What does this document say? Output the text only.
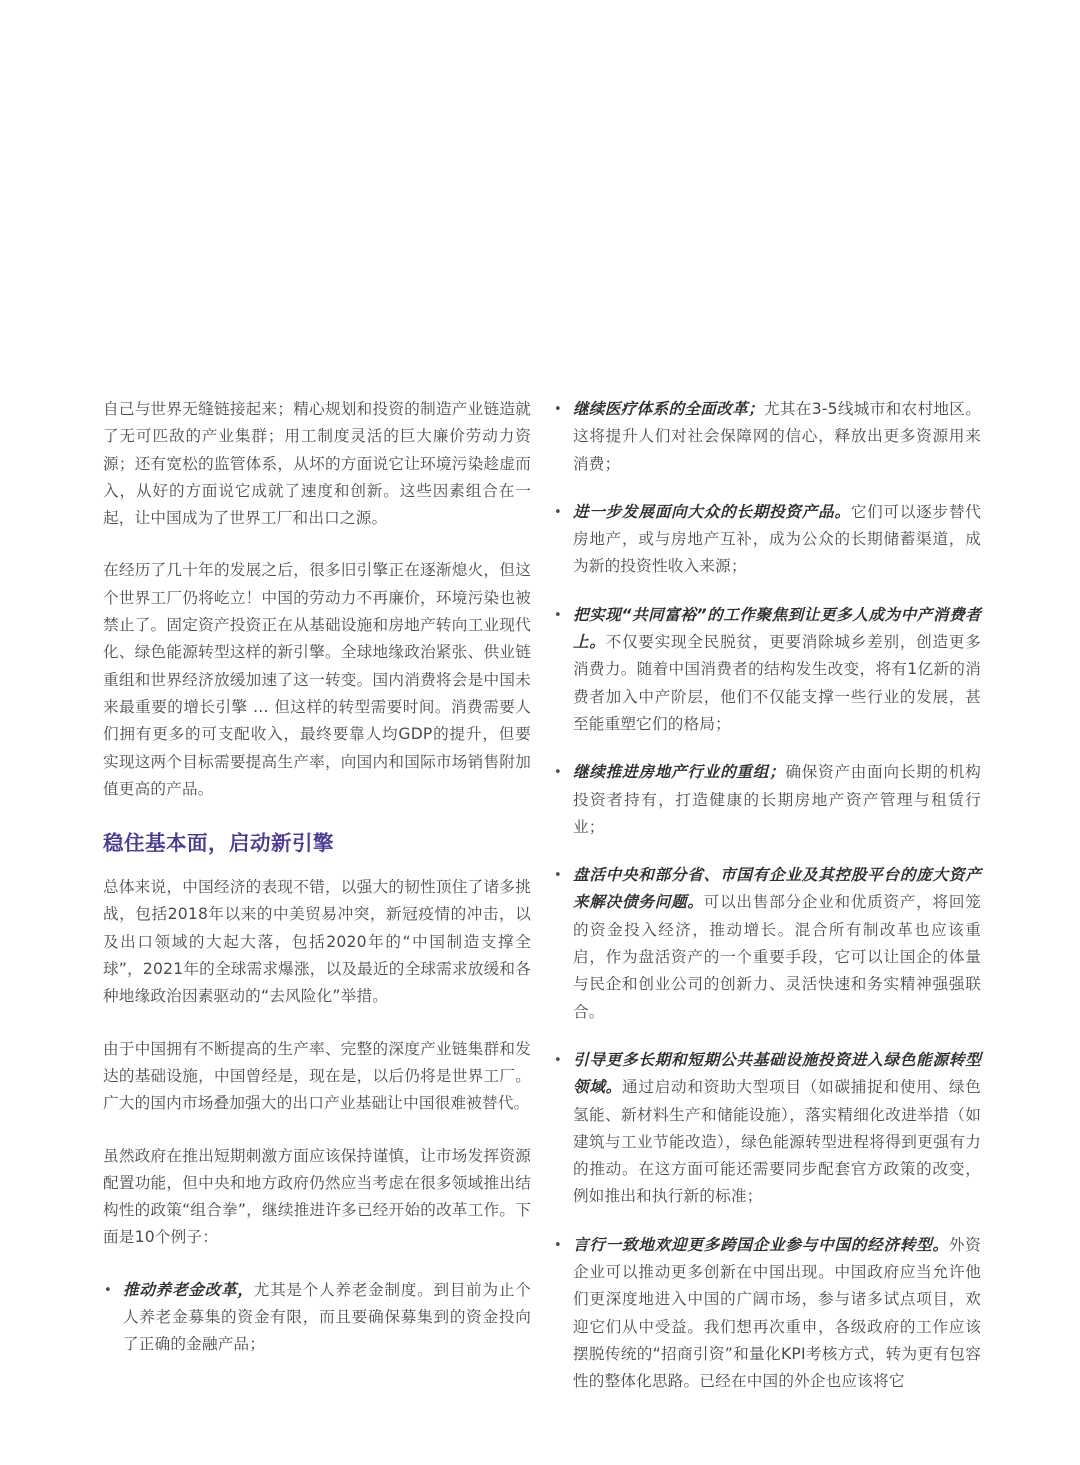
自己与世界无缝链接起来；精心规划和投资的制造产业链造就了无可匹敌的产业集群；用工制度灵活的巨大廉价劳动力资源；还有宽松的监管体系，从坏的方面说它让环境污染趁虚而入，从好的方面说它成就了速度和创新。这些因素组合在一起，让中国成为了世界工厂和出口之源。

在经历了几十年的发展之后，很多旧引擎正在逐渐熄火，但这个世界工厂仍将屹立！中国的劳动力不再廉价，环境污染也被禁止了。固定资产投资正在从基础设施和房地产转向工业现代化、绿色能源转型这样的新引擎。全球地缘政治紧张、供业链重组和世界经济放缓加速了这一转变。国内消费将会是中国未来最重要的增长引擎 … 但这样的转型需要时间。消费需要人们拥有更多的可支配收入，最终要靠人均GDP的提升，但要实现这两个目标需要提高生产率，向国内和国际市场销售附加值更高的产品。

稳住基本面，启动新引擎

总体来说，中国经济的表现不错，以强大的韧性顶住了诸多挑战，包括2018年以来的中美贸易冲突，新冠疫情的冲击，以及出口领域的大起大落，包括2020年的“中国制造支撑全球”，2021年的全球需求爆涨，以及最近的全球需求放缓和各种地缘政治因素驱动的“去风险化”举措。

由于中国拥有不断提高的生产率、完整的深度产业链集群和发达的基础设施，中国曾经是，现在是，以后仍将是世界工厂。广大的国内市场叠加强大的出口产业基础让中国很难被替代。

虽然政府在推出短期刺激方面应该保持谨慎，让市场发挥资源配置功能，但中央和地方政府仍然应当考虑在很多领域推出结构性的政策“组合拳”，继续推进许多已经开始的改革工作。下面是10个例子：

• 推动养老金改革，尤其是个人养老金制度。到目前为止个人养老金募集的资金有限，而且要确保募集到的资金投向了正确的金融产品；
• 继续医疗体系的全面改革；尤其在3-5线城市和农村地区。这将提升人们对社会保障网的信心，释放出更多资源用来消费；
• 进一步发展面向大众的长期投资产品。它们可以逐步替代房地产，或与房地产互补，成为公众的长期储蓄渠道，成为新的投资性收入来源；
• 把实现“共同富裕”的工作聚焦到让更多人成为中产消费者上。不仅要实现全民脱贫，更要消除城乡差别，创造更多消费力。随着中国消费者的结构发生改变，将有1亿新的消费者加入中产阶层，他们不仅能支撑一些行业的发展，甚至能重塑它们的格局；
• 继续推进房地产行业的重组；确保资产由面向长期的机构投资者持有，打造健康的长期房地产资产管理与租赁行业；
• 盘活中央和部分省、市国有企业及其控股平台的庞大资产来解决债务问题。可以出售部分企业和优质资产，将回笼的资金投入经济，推动增长。混合所有制改革也应该重启，作为盘活资产的一个重要手段，它可以让国企的体量与民企和创业公司的创新力、灵活快速和务实精神强强联合。
• 引导更多长期和短期公共基础设施投资进入绿色能源转型领域。通过启动和资助大型项目（如碳捕捉和使用、绿色氢能、新材料生产和储能设施），落实精细化改进举措（如建筑与工业节能改造），绿色能源转型进程将得到更强有力的推动。在这方面可能还需要同步配套官方政策的改变，例如推出和执行新的标准；
• 言行一致地欢迎更多跨国企业参与中国的经济转型。外资企业可以推动更多创新在中国出现。中国政府应当允许他们更深度地进入中国的广阔市场，参与诸多试点项目，欢迎它们从中受益。我们想再次重申，各级政府的工作应该摆脱传统的“招商引资”和量化KPI考核方式，转为更有包容性的整体化思路。已经在中国的外企也应该将它
